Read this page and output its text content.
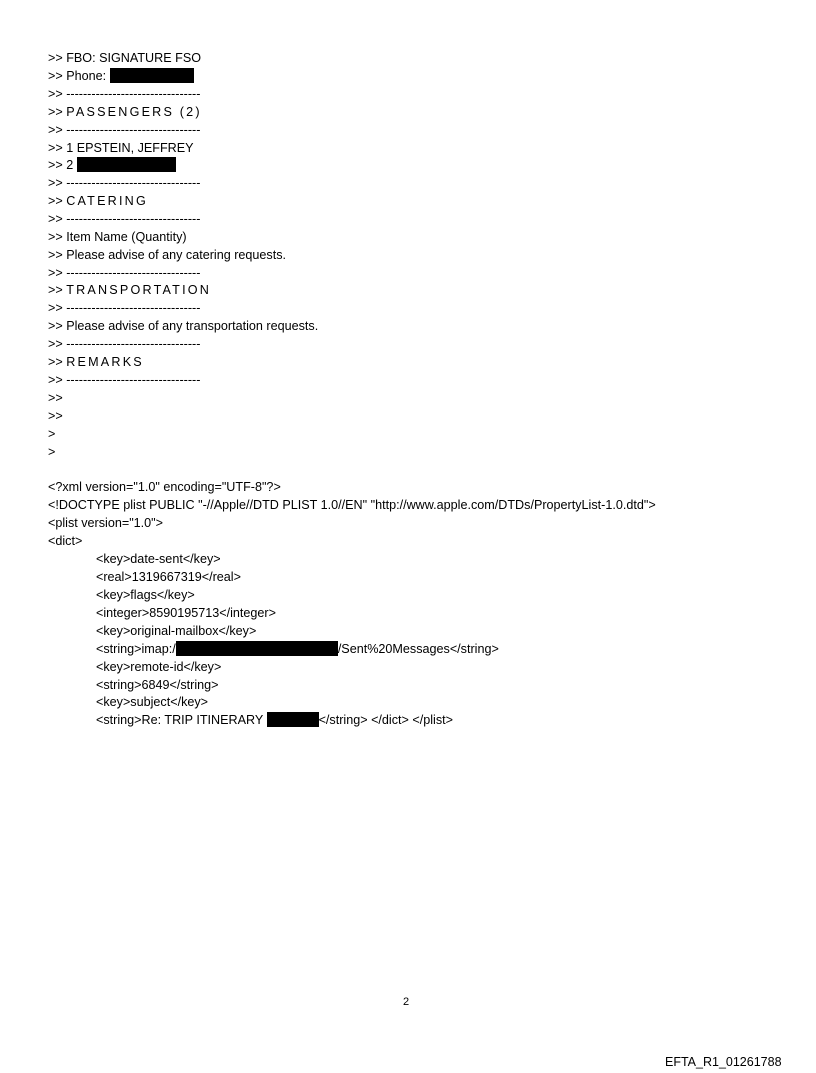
>> FBO: SIGNATURE FSO
>> Phone:
>> --------------------------------
>> PASSENGERS (2)
>> --------------------------------
>> 1 EPSTEIN, JEFFREY
>> 2
>> --------------------------------
>> CATERING
>> --------------------------------
>> Item Name (Quantity)
>> Please advise of any catering requests.
>> --------------------------------
>> TRANSPORTATION
>> --------------------------------
>> Please advise of any transportation requests.
>> --------------------------------
>> REMARKS
>> --------------------------------
>>
>>
>
>
<?xml version="1.0" encoding="UTF-8"?>
<!DOCTYPE plist PUBLIC "-//Apple//DTD PLIST 1.0//EN" "http://www.apple.com/DTDs/PropertyList-1.0.dtd">
<plist version="1.0">
<dict>
<key>date-sent</key>
<real>1319667319</real>
<key>flags</key>
<integer>8590195713</integer>
<key>original-mailbox</key>
<string>imap:/	/Sent%20Messages</string>
<key>remote-id</key>
<string>6849</string>
<key>subject</key>
<string>Re: TRIP ITINERARY	</string> </dict> </plist>
2
EFTA_R1_01261788
